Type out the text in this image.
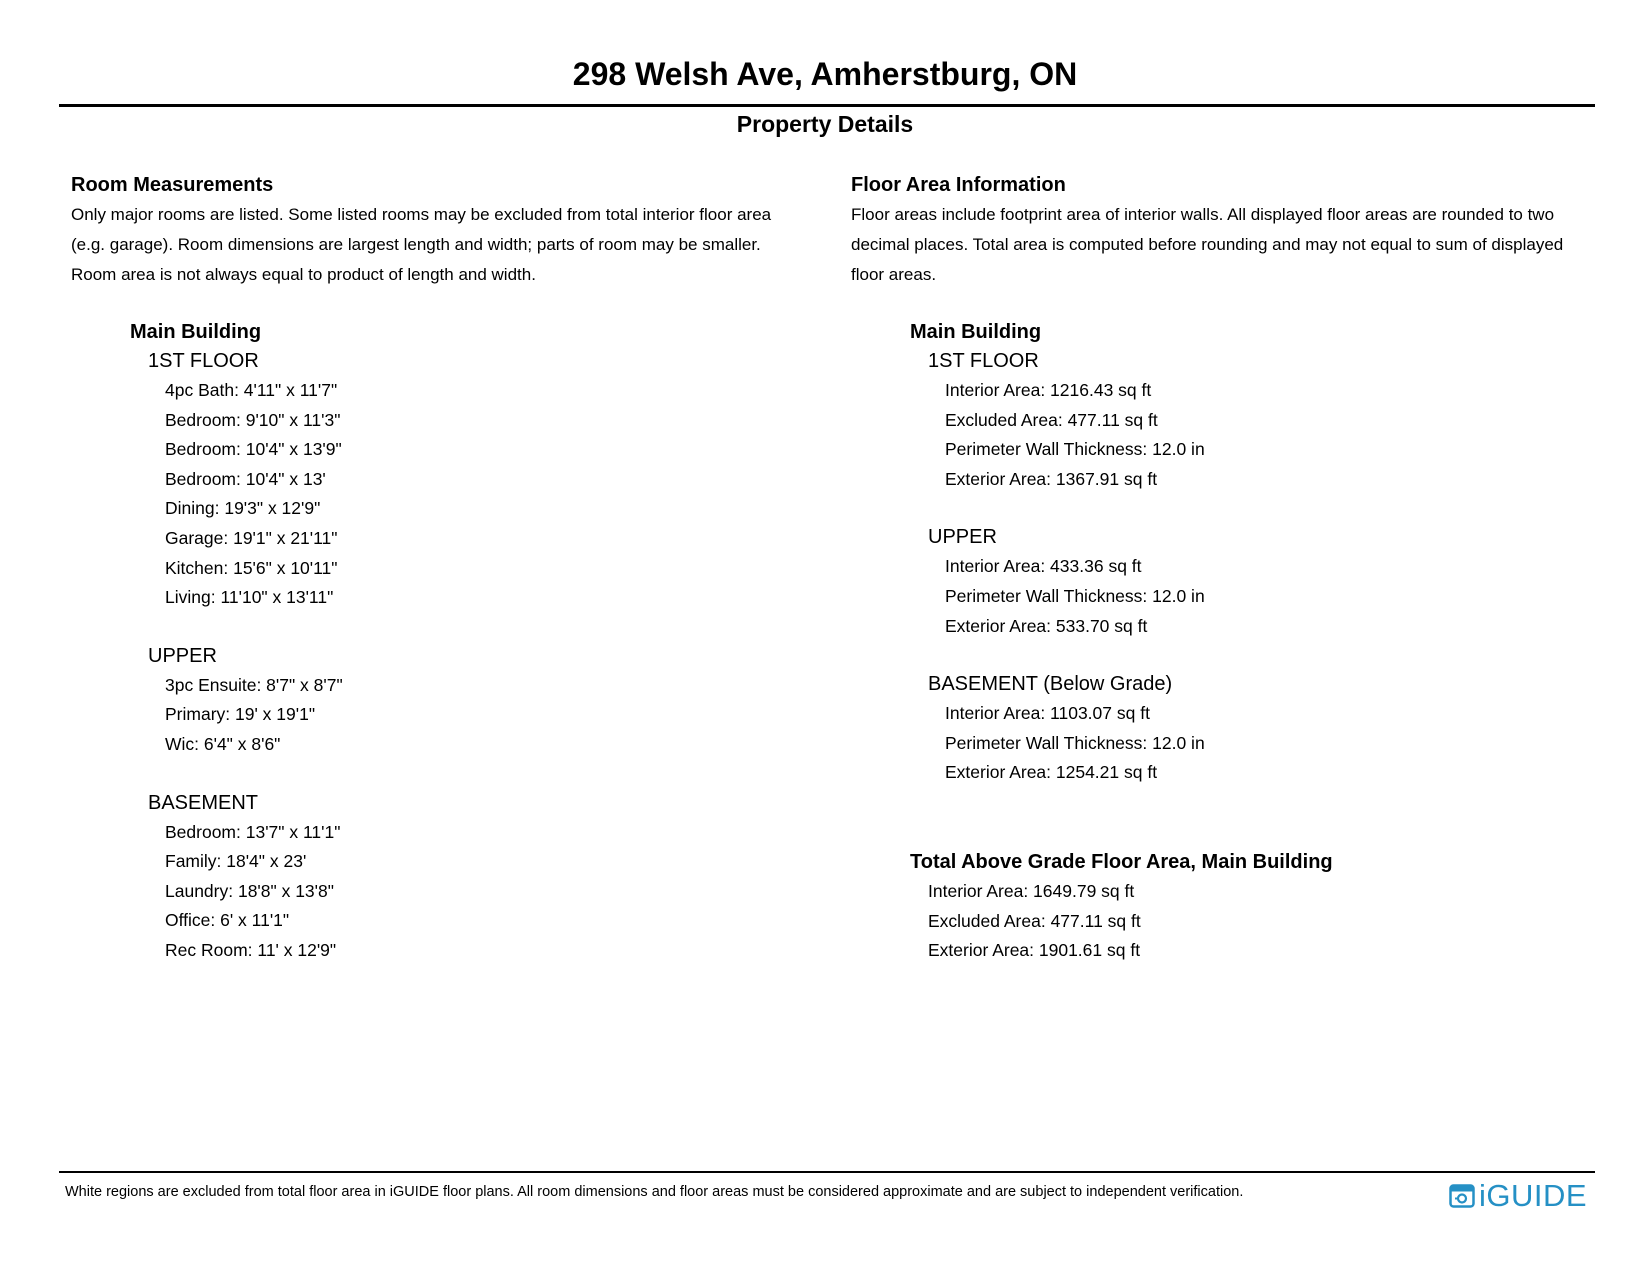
298 Welsh Ave, Amherstburg, ON
Property Details
Room Measurements
Only major rooms are listed. Some listed rooms may be excluded from total interior floor area
(e.g. garage). Room dimensions are largest length and width; parts of room may be smaller.
Room area is not always equal to product of length and width.
Main Building
1ST FLOOR
4pc Bath: 4'11" x 11'7"
Bedroom: 9'10" x 11'3"
Bedroom: 10'4" x 13'9"
Bedroom: 10'4" x 13'
Dining: 19'3" x 12'9"
Garage: 19'1" x 21'11"
Kitchen: 15'6" x 10'11"
Living: 11'10" x 13'11"
UPPER
3pc Ensuite: 8'7" x 8'7"
Primary: 19' x 19'1"
Wic: 6'4" x 8'6"
BASEMENT
Bedroom: 13'7" x 11'1"
Family: 18'4" x 23'
Laundry: 18'8" x 13'8"
Office: 6' x 11'1"
Rec Room: 11' x 12'9"
Floor Area Information
Floor areas include footprint area of interior walls. All displayed floor areas are rounded to two
decimal places. Total area is computed before rounding and may not equal to sum of displayed
floor areas.
Main Building
1ST FLOOR
Interior Area: 1216.43 sq ft
Excluded Area: 477.11 sq ft
Perimeter Wall Thickness: 12.0 in
Exterior Area: 1367.91 sq ft
UPPER
Interior Area: 433.36 sq ft
Perimeter Wall Thickness: 12.0 in
Exterior Area: 533.70 sq ft
BASEMENT (Below Grade)
Interior Area: 1103.07 sq ft
Perimeter Wall Thickness: 12.0 in
Exterior Area: 1254.21 sq ft
Total Above Grade Floor Area, Main Building
Interior Area: 1649.79 sq ft
Excluded Area: 477.11 sq ft
Exterior Area: 1901.61 sq ft
White regions are excluded from total floor area in iGUIDE floor plans. All room dimensions and floor areas must be considered approximate and are subject to independent verification.	iGUIDE
